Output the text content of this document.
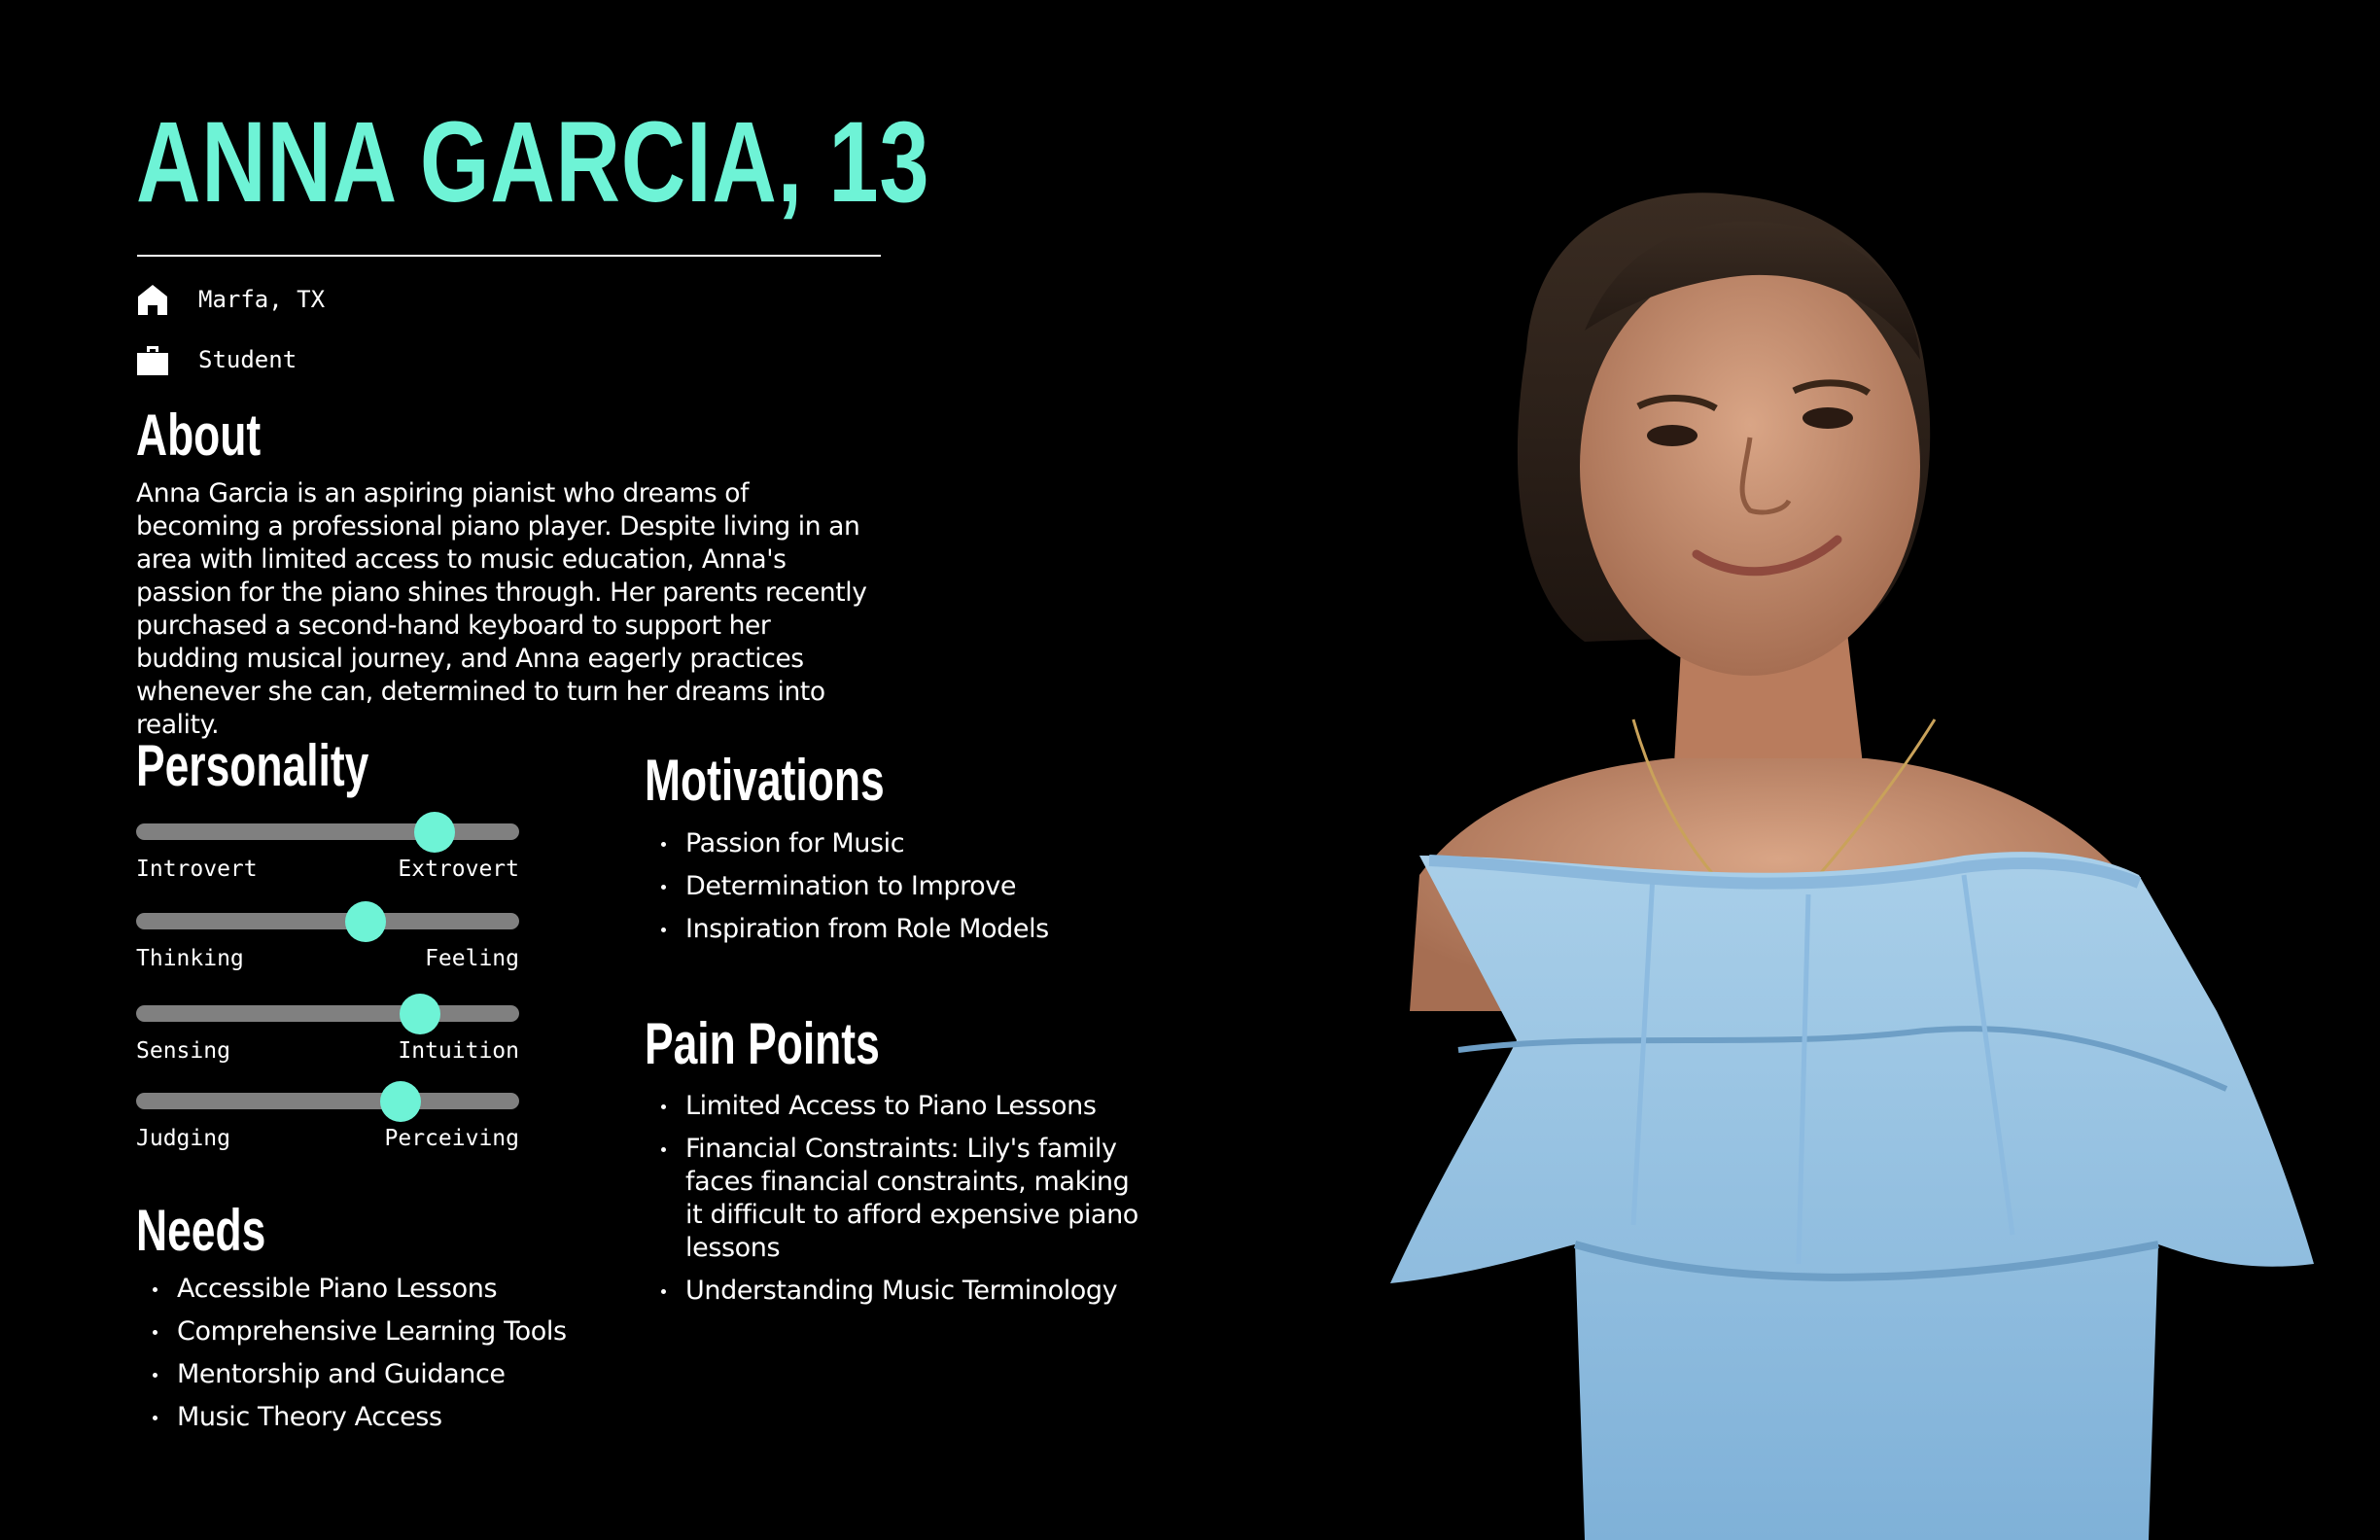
ANNA GARCIA, 13
Marfa, TX
Student
About
Anna Garcia is an aspiring pianist who dreams of becoming a professional piano player. Despite living in an area with limited access to music education, Anna's passion for the piano shines through. Her parents recently purchased a second-hand keyboard to support her budding musical journey, and Anna eagerly practices whenever she can, determined to turn her dreams into reality.
Personality
Introvert	Extrovert
Thinking	Feeling
Sensing	Intuition
Judging	Perceiving
Needs
Accessible Piano Lessons
Comprehensive Learning Tools
Mentorship and Guidance
Music Theory Access
Motivations
Passion for Music
Determination to Improve
Inspiration from Role Models
Pain Points
Limited Access to Piano Lessons
Financial Constraints: Lily's family faces financial constraints, making it difficult to afford expensive piano lessons
Understanding Music Terminology
